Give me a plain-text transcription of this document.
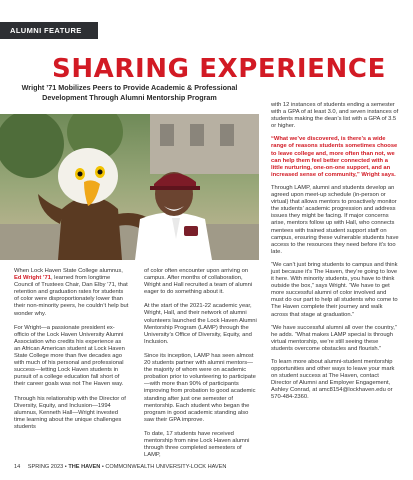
ALUMNI FEATURE
SHARING EXPERIENCE
Wright ’71 Mobilizes Peers to Provide Academic & Professional Development Through Alumni Mentorship Program

When Lock Haven State College alumnus, Ed Wright ’71, learned from longtime Council of Trustees Chair, Dan Elby ’71, that retention and graduation rates for students of color were disproportionately lower than their non-minority peers, he couldn’t help but wonder why.

For Wright—a passionate president ex-officio of the Lock Haven University Alumni Association who credits his experience as an African American student at Lock Haven State College more than five decades ago with much of his personal and professional success—letting Lock Haven students in pursuit of a college education fall short of their career goals was not The Haven way.

Through his relationship with the Director of Diversity, Equity, and Inclusion—1994 alumnus, Kenneth Hall—Wright invested time learning about the unique challenges students

of color often encounter upon arriving on campus. After months of collaboration, Wright and Hall recruited a team of alumni eager to do something about it.

At the start of the 2021-22 academic year, Wright, Hall, and their network of alumni volunteers launched the Lock Haven Alumni Mentorship Program (LAMP) through the University’s Office of Diversity, Equity, and Inclusion.

Since its inception, LAMP has seen almost 20 students partner with alumni mentors—the majority of whom were on academic probation prior to volunteering to participate—with more than 90% of participants improving from probation to good academic standing after just one semester of mentorship. Each student who began the program in good academic standing also saw their GPA improve.

To date, 17 students have received mentorship from nine Lock Haven alumni through three completed semesters of LAMP,

with 12 instances of students ending a semester with a GPA of at least 3.0, and seven instances of students making the dean’s list with a GPA of 3.5 or higher.

“What we’ve discovered, is there’s a wide range of reasons students sometimes choose to leave college and, more often than not, we can help them feel better connected with a little nurturing, one-on-one support, and an increased sense of community,” Wright says.

Through LAMP, alumni and students develop an agreed upon meet-up schedule (in-person or virtual) that allows mentors to proactively monitor the students’ academic progression and address issues they might be facing. If major concerns arise, mentors follow up with Hall, who connects mentees with trained student support staff on campus, ensuring these vulnerable students have access to the resources they need before it’s too late.

“We can’t just bring students to campus and think just because it’s The Haven, they’re going to love it here. With minority students, you have to think outside the box,” says Wright. “We have to get more successful alumni of color involved and must do our part to help all students who come to The Haven complete their journey and walk across that stage at graduation.”

“We have successful alumni all over the country,” he adds. “What makes LAMP special is through virtual mentorship, we’re still seeing these students overcome obstacles and flourish.”

To learn more about alumni-student mentorship opportunities and other ways to leave your mark on student success at The Haven, contact Director of Alumni and Employer Engagement, Ashley Conrad, at amc8154@lockhaven.edu or 570-484-2360.

14 SPRING 2023 • THE HAVEN • COMMONWEALTH UNIVERSITY-LOCK HAVEN
